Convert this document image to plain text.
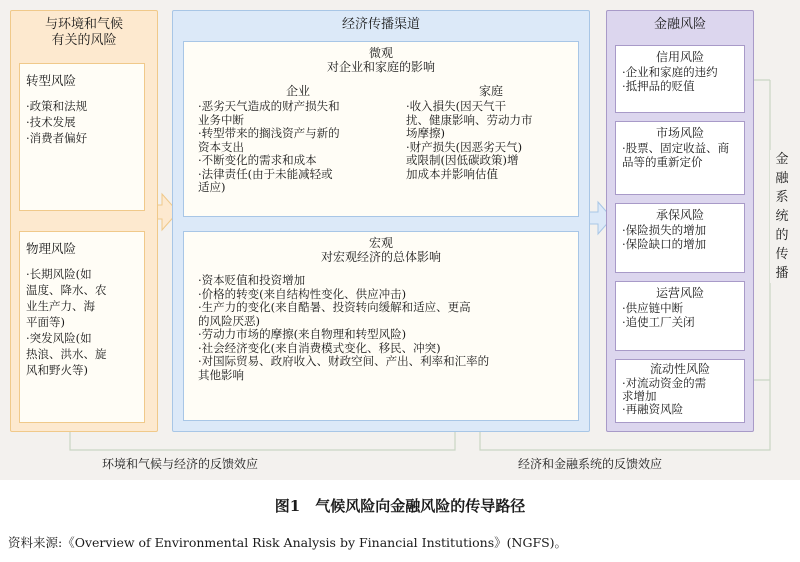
与环境和气候
有关的风险
转型风险
·政策和法规
·技术发展
·消费者偏好
物理风险
·长期风险(如
温度、降水、农
业生产力、海
平面等)
·突发风险(如
热浪、洪水、旋
风和野火等)
经济传播渠道
微观
对企业和家庭的影响
企业
·恶劣天气造成的财产损失和
业务中断
·转型带来的搁浅资产与新的
资本支出
·不断变化的需求和成本
·法律责任(由于未能减轻或
适应)
家庭
·收入損失(因天气干
扰、健康影响、劳动力市
场摩擦)
·财产损失(因恶劣天气)
或限制(因低碳政策)增
加成本并影响估值
宏观
对宏观经济的总体影响
·资本贬值和投资增加
·价格的转变(来自结构性变化、供应冲击)
·生产力的变化(来自酷暑、投资转向缓解和适应、更高
的风险厌恶)
·劳动力市场的摩擦(来自物理和转型风险)
·社会经济变化(来自消费模式变化、移民、冲突)
·对国际贸易、政府收入、财政空间、产出、利率和汇率的
其他影响
金融风险
信用风险
·企业和家庭的违约
·抵押品的贬值
市场风险
·股票、固定收益、商
品等的重新定价
承保风险
·保险损失的增加
·保险缺口的增加
运营风险
·供应链中断
·追使工厂关闭
流动性风险
·对流动资金的需
求增加
·再融资风险
金
融
系
统
的
传
播
环境和气候与经济的反馈效应	经济和金融系统的反馈效应
图1　气候风险向金融风险的传导路径
资料来源:《Overview of Environmental Risk Analysis by Financial Institutions》(NGFS)。
